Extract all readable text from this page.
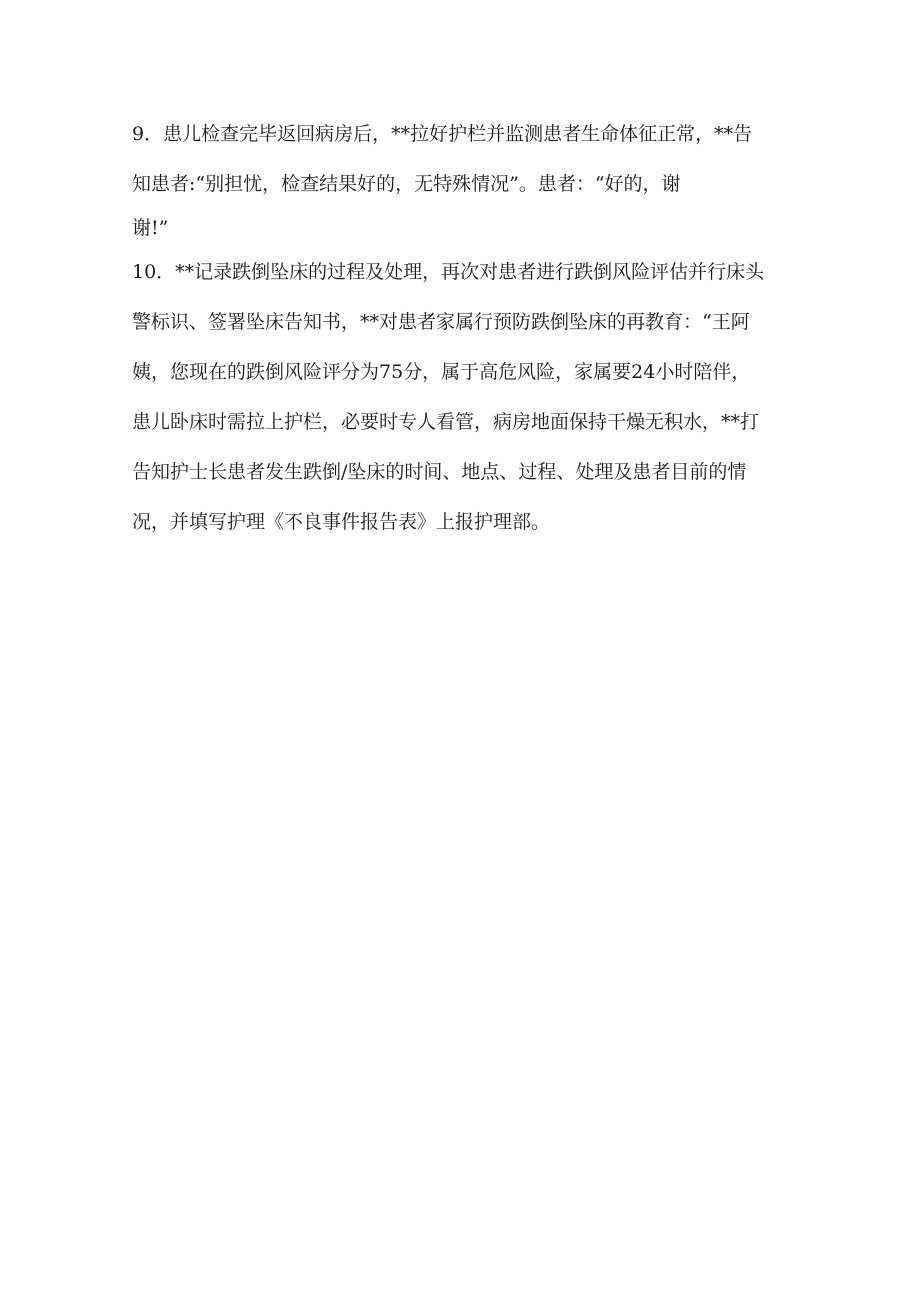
9．患儿检查完毕返回病房后，**拉好护栏并监测患者生命体征正常，**告
知患者:“别担忧，检查结果好的，无特殊情况”。患者：“好的，谢
谢!”
10．**记录跌倒坠床的过程及处理，再次对患者进行跌倒风险评估并行床头
警标识、签署坠床告知书，**对患者家属行预防跌倒坠床的再教育：“王阿
姨，您现在的跌倒风险评分为75分，属于高危风险，家属要24小时陪伴，
患儿卧床时需拉上护栏，必要时专人看管，病房地面保持干燥无积水，**打
告知护士长患者发生跌倒/坠床的时间、地点、过程、处理及患者目前的情
况，并填写护理《不良事件报告表》上报护理部。
